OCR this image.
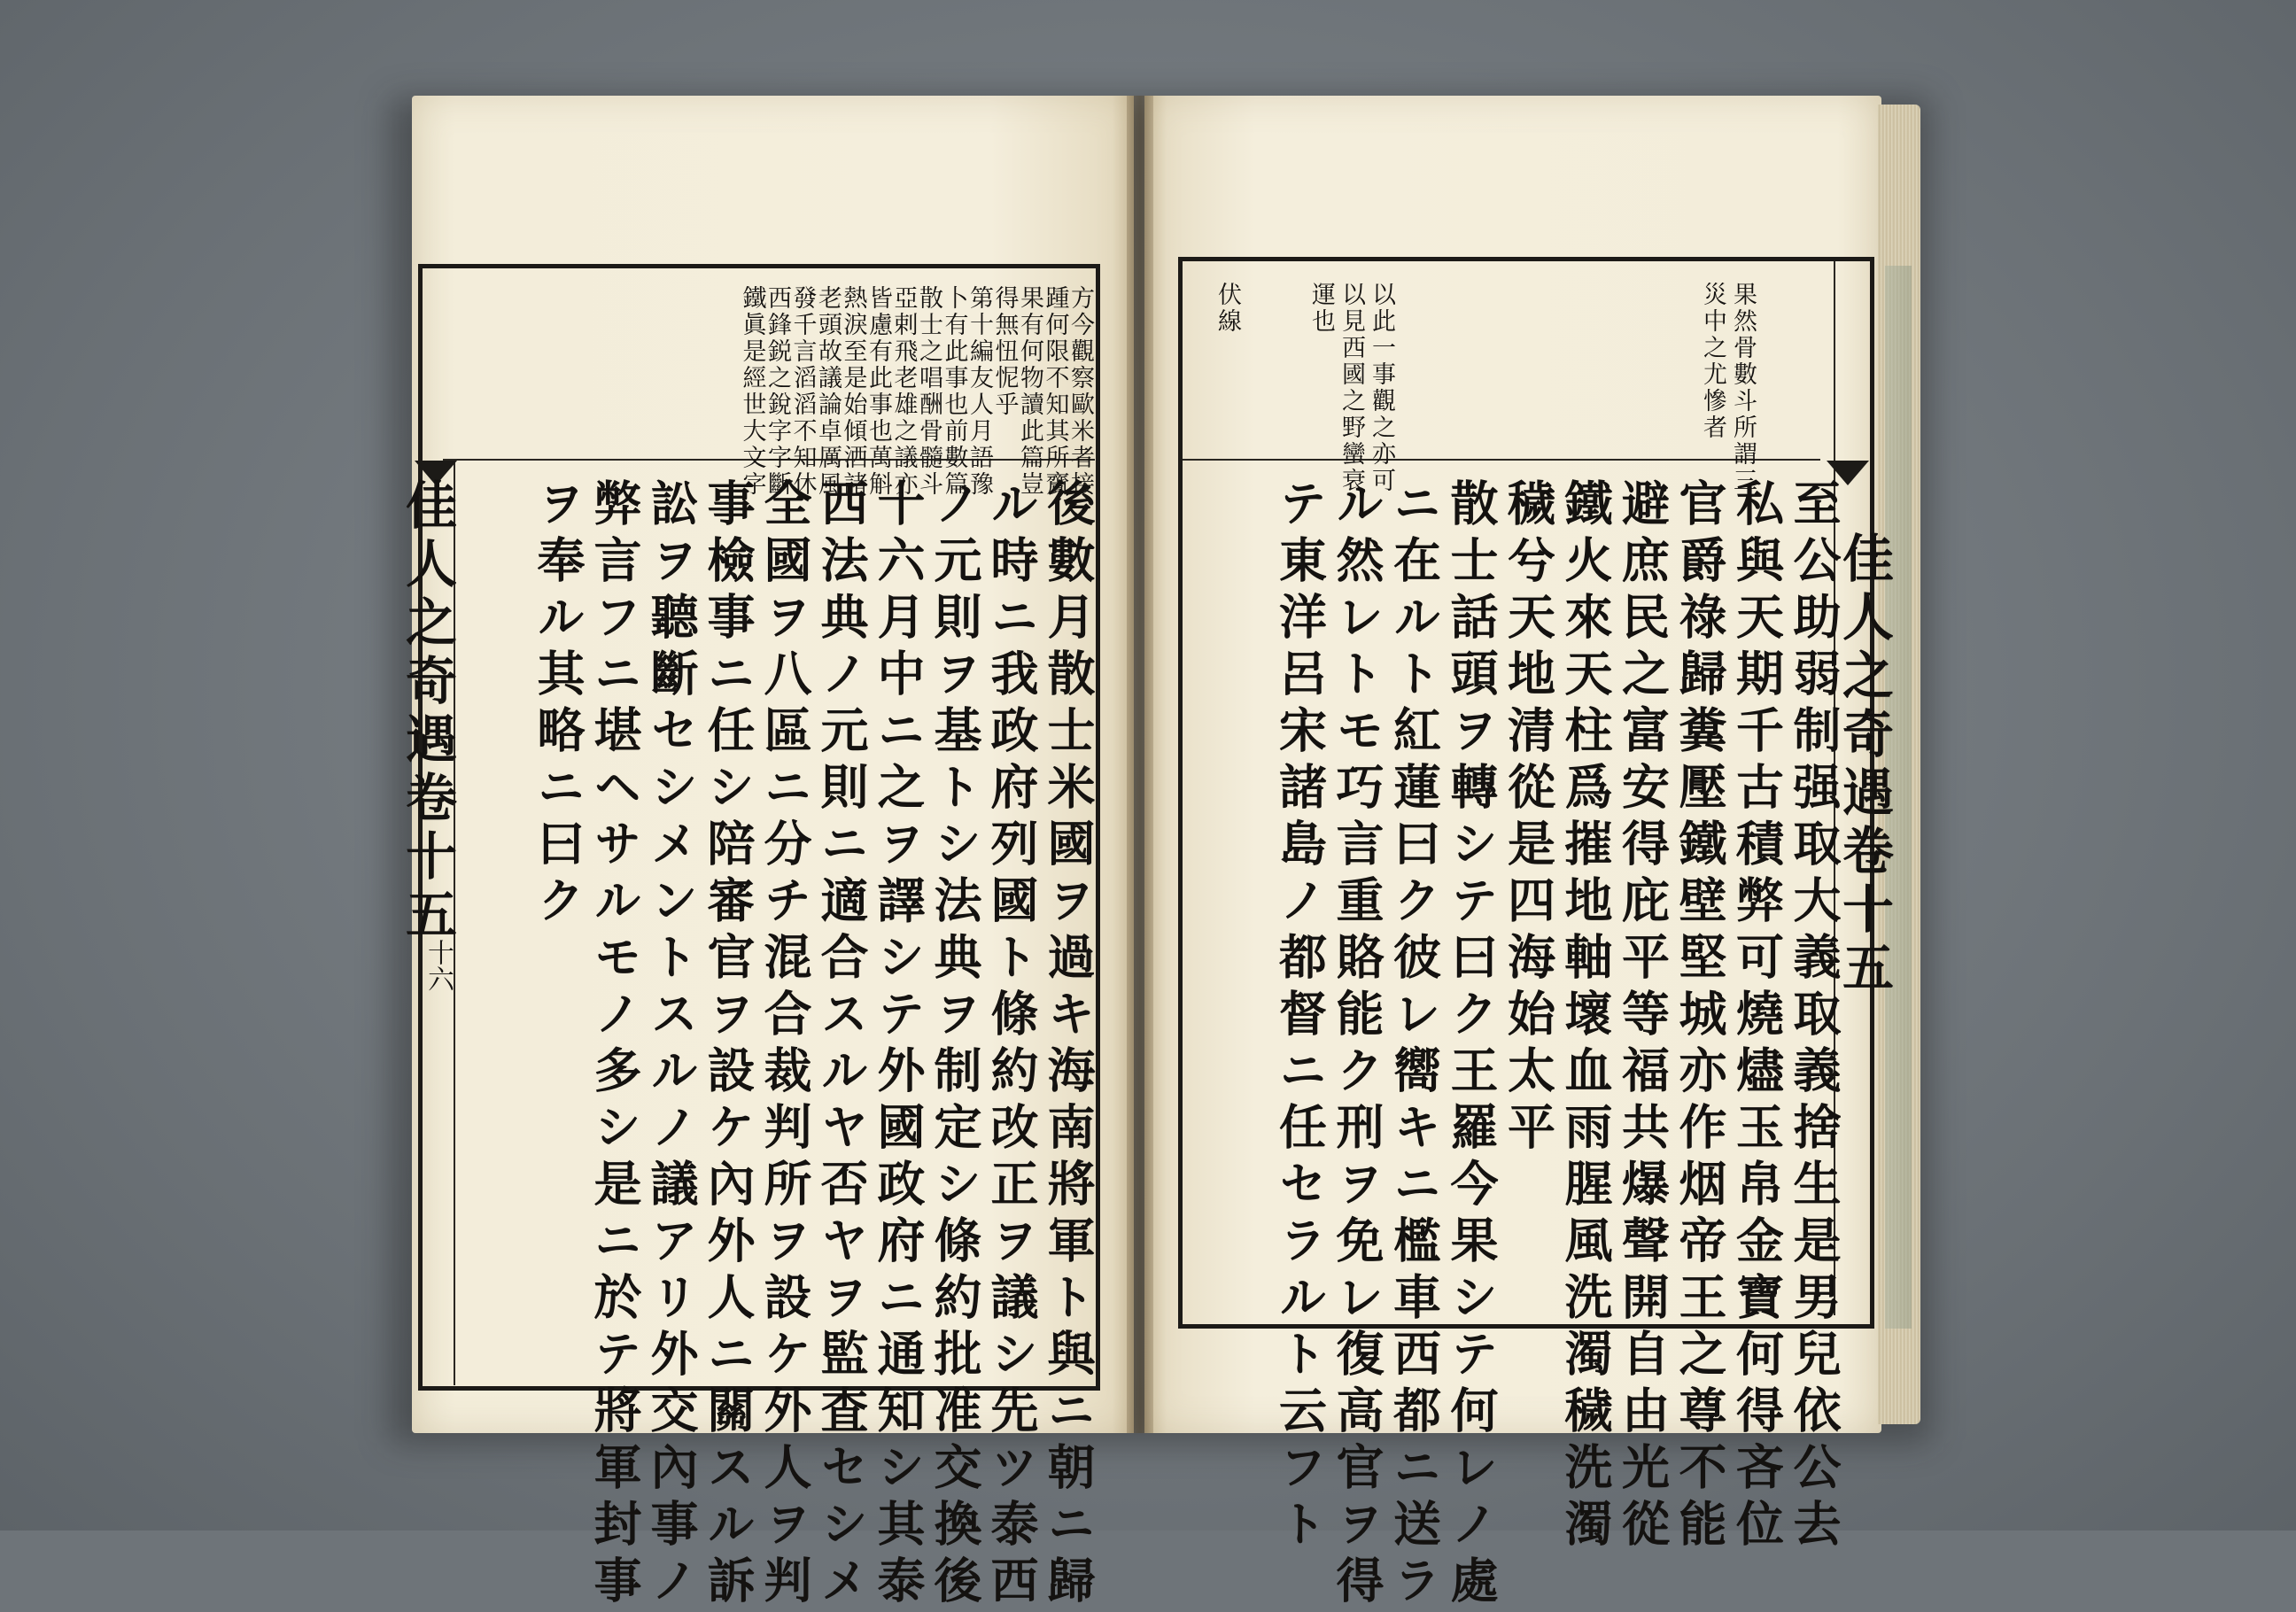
方今觀察歐米者接
踵何限不知其所齎
果有何物讀此篇豈
得無忸怩乎
第十編友人月語豫
卜有此事也前數篇
散士之唱酬骨髓斗
亞剌飛老雄之議亦
皆慮有此事也萬斛
熱淚至是始傾洒諸
老頭故議論卓厲風
發千言滔滔不知休
西鋒鋭之銳字字斷
鐵眞是經世大文字
後數月散士米國ヲ過キ海南將軍ト與ニ朝ニ歸
ル時ニ我政府列國ト條約改正ヲ議シ先ツ泰西
ノ元則ヲ基トシ法典ヲ制定シ條約批准交換後
十六月中ニ之ヲ譯シテ外國政府ニ通知シ其泰
西法典ノ元則ニ適合スルヤ否ヤヲ監査セシメ
全國ヲ八區ニ分チ混合裁判所ヲ設ケ外人ヲ判
事檢事ニ任シ陪審官ヲ設ケ內外人ニ關スル訴
訟ヲ聽斷セシメントスルノ議アリ外交內事ノ
弊言フニ堪ヘサルモノ多シ是ニ於テ將軍封事
ヲ奉ル其略ニ曰ク
佳人之奇遇卷十五
十六
果然骨數斗所謂三
災中之尤慘者
以此一事觀之亦可
以見西國之野蠻衰
運也
伏線
至公助弱制强取大義取義捨生是男兒依公去
私與天期千古積弊可燒燼玉帛金寶何得吝位
官爵祿歸糞壓鐵壁堅城亦作烟帝王之尊不能
避庶民之富安得庇平等福共爆聲開自由光從
鐵火來天柱爲摧地軸壞血雨腥風洗濁穢洗濁
穢兮天地清從是四海始太平
散士話頭ヲ轉シテ曰ク王羅今果シテ何レノ處
ニ在ルト紅蓮曰ク彼レ嚮キニ檻車西都ニ送ラ
ル然レトモ巧言重賂能ク刑ヲ免レ復高官ヲ得
テ東洋呂宋諸島ノ都督ニ任セラルト云フト	佳人之奇遇卷十五
